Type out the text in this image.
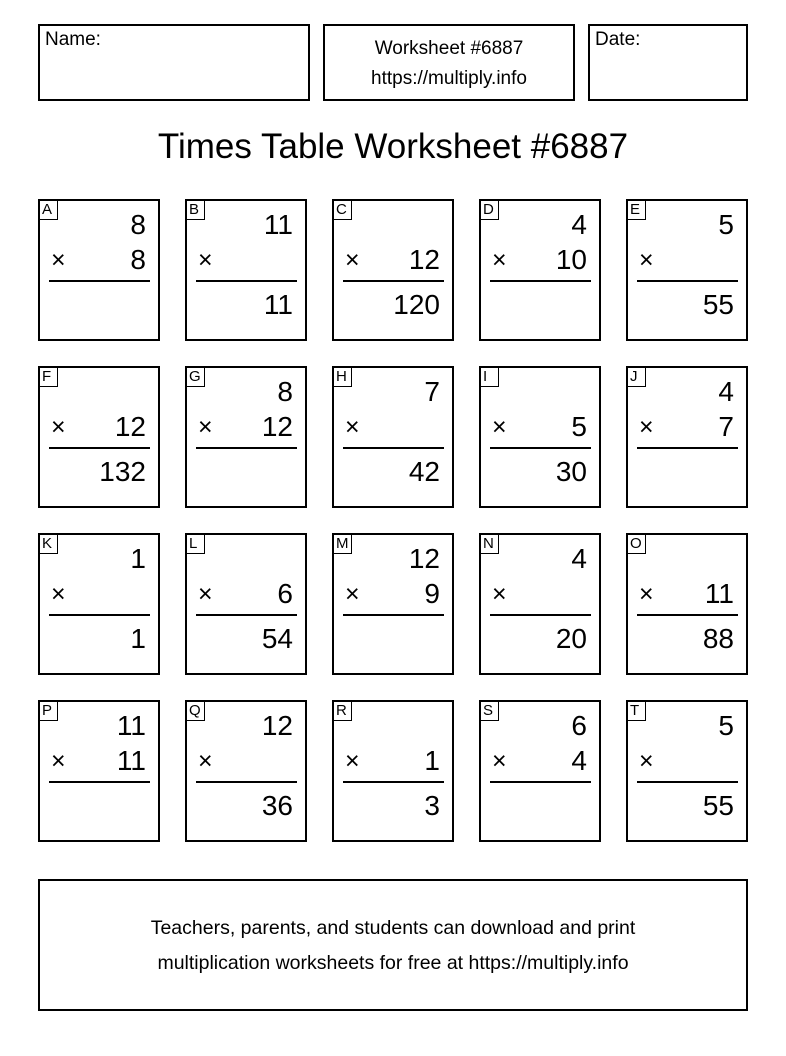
Name:	Worksheet #6887
https://multiply.info
Date:
Times Table Worksheet #6887
A	8
× 8
B 11
×
11
C
× 12
120
D	4
× 10
E	5
×
55
F
× 12
132
G	8
× 12
H	7
×
42
I
× 5
30
J	4
× 7
K	1
×
1
L
× 6
54
M 12
× 9
N	4
×
20
O
× 11
88
P 11
× 11
Q 12
×
36
R
× 1
3
S	6
× 4
T	5
×
55
Teachers, parents, and students can download and print
multiplication worksheets for free at https://multiply.info
